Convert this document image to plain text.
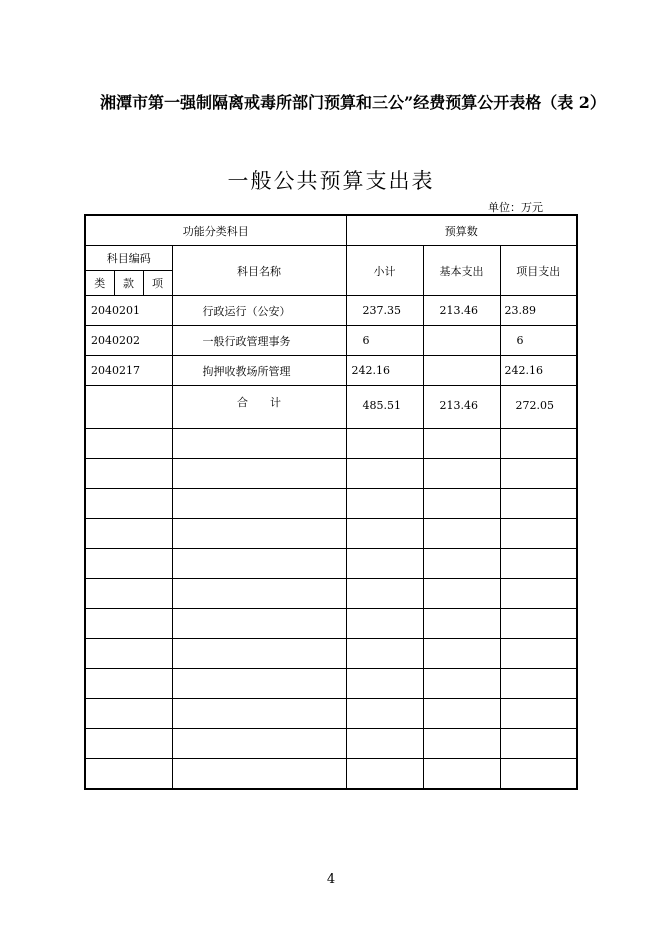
湘潭市第一强制隔离戒毒所部门预算和三公”经费预算公开表格（表 2）
一般公共预算支出表
单位：万元
功能分类科目				预算数		
科目编码			科目名称	小计	基本支出	项目支出
类	款	项				
2040201			行政运行（公安）	237.35	213.46	23.89
2040202			一般行政管理事务	6		6
2040217			拘押收教场所管理	242.16		242.16
			合　　计	485.51	213.46	272.05

4
